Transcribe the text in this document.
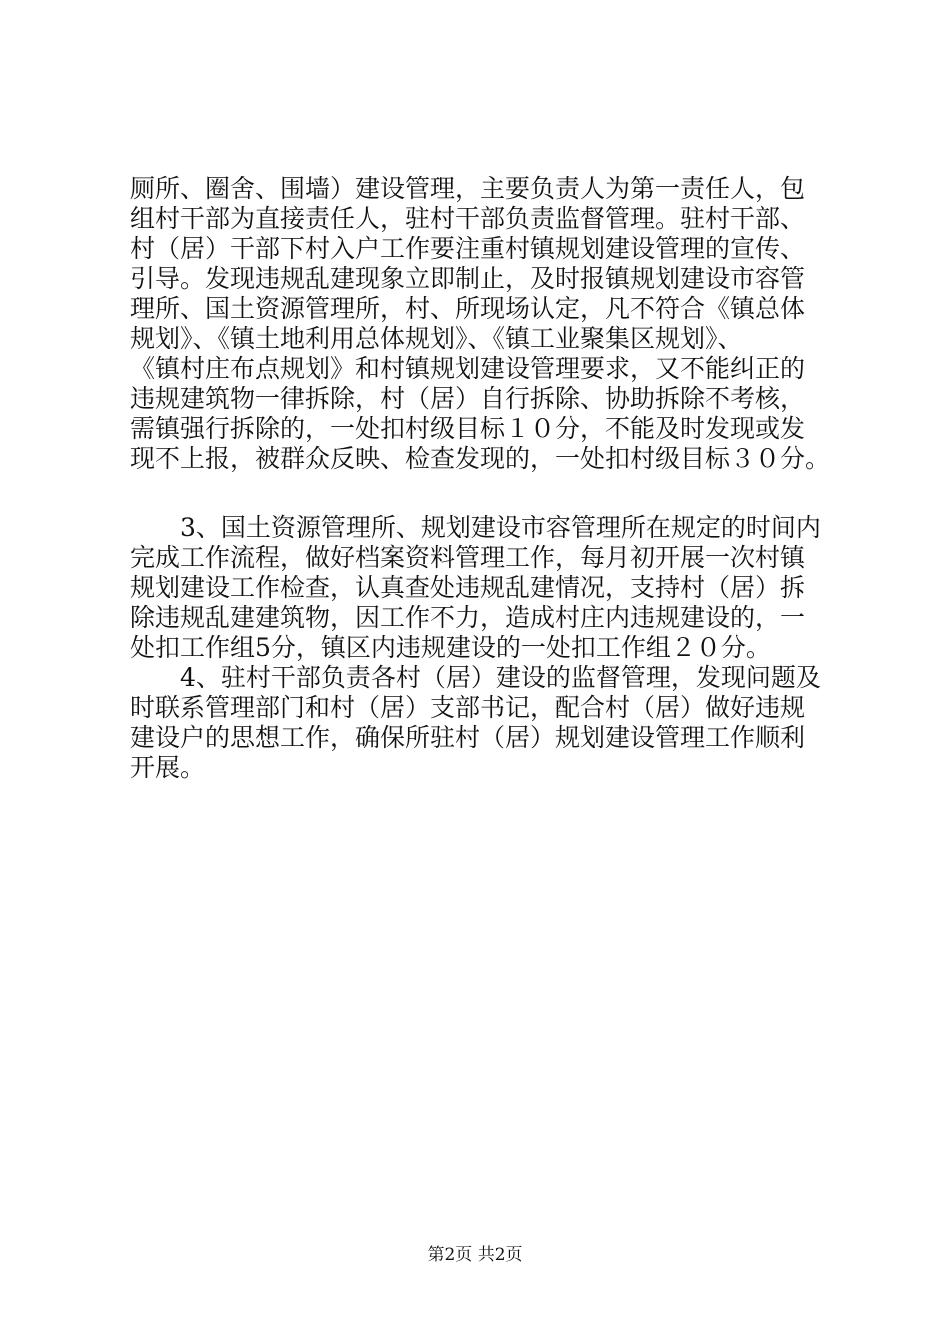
厕所、圈舍、围墙）建设管理，主要负责人为第一责任人，包
组村干部为直接责任人，驻村干部负责监督管理。驻村干部、
村（居）干部下村入户工作要注重村镇规划建设管理的宣传、
引导。发现违规乱建现象立即制止，及时报镇规划建设市容管
理所、国土资源管理所，村、所现场认定，凡不符合《镇总体
规划》、《镇土地利用总体规划》、《镇工业聚集区规划》、
《镇村庄布点规划》和村镇规划建设管理要求，又不能纠正的
违规建筑物一律拆除，村（居）自行拆除、协助拆除不考核，
需镇强行拆除的，一处扣村级目标１０分，不能及时发现或发
现不上报，被群众反映、检查发现的，一处扣村级目标３０分。
　　3、国土资源管理所、规划建设市容管理所在规定的时间内
完成工作流程，做好档案资料管理工作，每月初开展一次村镇
规划建设工作检查，认真查处违规乱建情况，支持村（居）拆
除违规乱建建筑物，因工作不力，造成村庄内违规建设的，一
处扣工作组5分，镇区内违规建设的一处扣工作组２０分。
　　4、驻村干部负责各村（居）建设的监督管理，发现问题及
时联系管理部门和村（居）支部书记，配合村（居）做好违规
建设户的思想工作，确保所驻村（居）规划建设管理工作顺利
开展。
第2页 共2页
